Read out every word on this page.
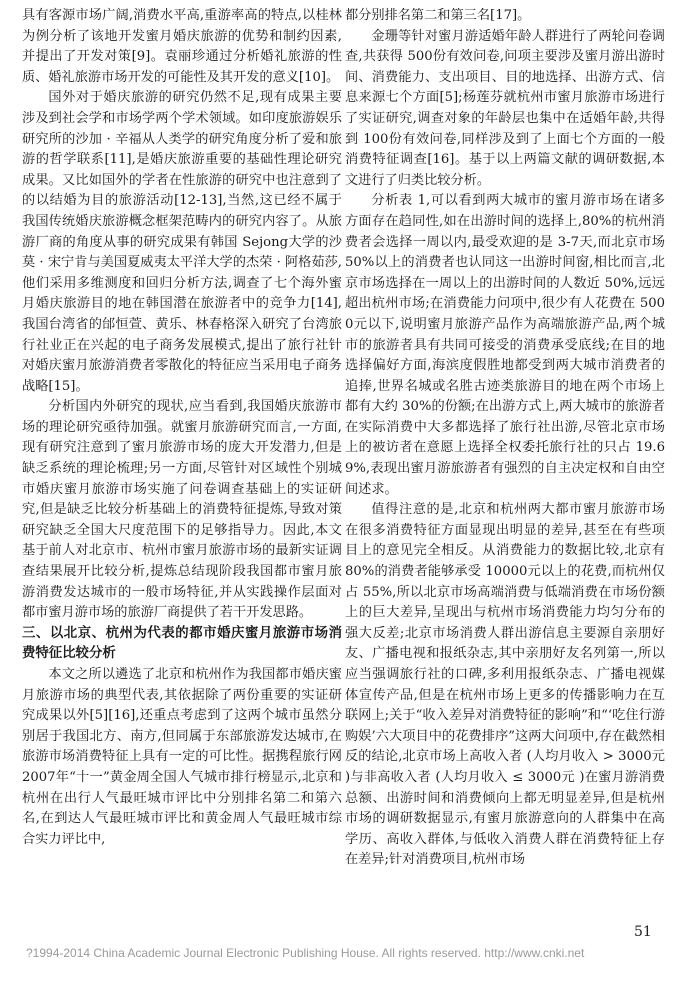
具有客源市场广阔,消费水平高,重游率高的特点,以桂林为例分析了该地开发蜜月婚庆旅游的优势和制约因素,并提出了开发对策[9]。袁丽珍通过分析婚礼旅游的性质、婚礼旅游市场开发的可能性及其开发的意义[10]。

国外对于婚庆旅游的研究仍然不足,现有成果主要涉及到社会学和市场学两个学术领域。如印度旅游娱乐研究所的沙加 · 辛福从人类学的研究角度分析了爱和旅游的哲学联系[11],是婚庆旅游重要的基础性理论研究成果。又比如国外的学者在性旅游的研究中也注意到了的以结婚为目的旅游活动[12-13],当然,这已经不属于我国传统婚庆旅游概念框架范畴内的研究内容了。从旅游厂商的角度从事的研究成果有韩国 Sejong大学的沙莫 · 宋宁肯与美国夏威夷太平洋大学的杰荣 · 阿格茹莎,他们采用多维测度和回归分析方法,调查了七个海外蜜月婚庆旅游目的地在韩国潜在旅游者中的竞争力[14],我国台湾省的邰恒萱、黄乐、林春格深入研究了台湾旅行社业正在兴起的电子商务发展模式,提出了旅行社针对婚庆蜜月旅游消费者零散化的特征应当采用电子商务战略[15]。

分析国内外研究的现状,应当看到,我国婚庆旅游市场的理论研究亟待加强。就蜜月旅游研究而言,一方面,现有研究注意到了蜜月旅游市场的庞大开发潜力,但是缺乏系统的理论梳理;另一方面,尽管针对区域性个别城市婚庆蜜月旅游市场实施了问卷调查基础上的实证研究,但是缺乏比较分析基础上的消费特征提炼,导致对策研究缺乏全国大尺度范围下的足够指导力。因此,本文基于前人对北京市、杭州市蜜月旅游市场的最新实证调查结果展开比较分析,提炼总结现阶段我国都市蜜月旅游消费发达城市的一般市场特征,并从实践操作层面对都市蜜月游市场的旅游厂商提供了若干开发思路。

三、以北京、杭州为代表的都市婚庆蜜月旅游市场消费特征比较分析

本文之所以遴选了北京和杭州作为我国都市婚庆蜜月旅游市场的典型代表,其依据除了两份重要的实证研究成果以外[5][16],还重点考虑到了这两个城市虽然分别居于我国北方、南方,但同属于东部旅游发达城市,在旅游市场消费特征上具有一定的可比性。据携程旅行网 2007年“十一”黄金周全国人气城市排行榜显示,北京和杭州在出行人气最旺城市评比中分别排名第二和第六名,在到达人气最旺城市评比和黄金周人气最旺城市综合实力评比中,

都分别排名第二和第三名[17]。

金珊等针对蜜月游适婚年龄人群进行了两轮问卷调查,共获得 500份有效问卷,问项主要涉及蜜月游出游时间、消费能力、支出项目、目的地选择、出游方式、信息来源七个方面[5];杨莲芬就杭州市蜜月旅游市场进行了实证研究,调查对象的年龄层也集中在适婚年龄,共得到 100份有效问卷,同样涉及到了上面七个方面的一般消费特征调查[16]。基于以上两篇文献的调研数据,本文进行了归类比较分析。

分析表 1,可以看到两大城市的蜜月游市场在诸多方面存在趋同性,如在出游时间的选择上,80%的杭州消费者会选择一周以内,最受欢迎的是 3-7天,而北京市场 50%以上的消费者也认同这一出游时间窗,相比而言,北京市场选择在一周以上的出游时间的人数近 50%,远远超出杭州市场;在消费能力问项中,很少有人花费在 5000元以下,说明蜜月旅游产品作为高端旅游产品,两个城市的旅游者具有共同可接受的消费承受底线;在目的地选择偏好方面,海滨度假胜地都受到两大城市消费者的追捧,世界名城或名胜古迹类旅游目的地在两个市场上都有大约 30%的份额;在出游方式上,两大城市的旅游者在实际消费中大多都选择了旅行社出游,尽管北京市场上的被访者在意愿上选择全权委托旅行社的只占 19.69%,表现出蜜月游旅游者有强烈的自主决定权和自由空间述求。

值得注意的是,北京和杭州两大都市蜜月旅游市场在很多消费特征方面显现出明显的差异,甚至在有些项目上的意见完全相反。从消费能力的数据比较,北京有 80%的消费者能够承受 10000元以上的花费,而杭州仅占 55%,所以北京市场高端消费与低端消费在市场份额上的巨大差异,呈现出与杭州市场消费能力均匀分布的强大反差;北京市场消费人群出游信息主要源自亲朋好友、广播电视和报纸杂志,其中亲朋好友名列第一,所以应当强调旅行社的口碑,多利用报纸杂志、广播电视媒体宣传产品,但是在杭州市场上更多的传播影响力在互联网上;关于“收入差异对消费特征的影响”和“‘吃住行游购娱’六大项目中的花费排序”这两大问项中,存在截然相反的结论,北京市场上高收入者 (人均月收入 > 3000元 )与非高收入者 (人均月收入 ≤ 3000元 )在蜜月游消费总额、出游时间和消费倾向上都无明显差异,但是杭州市场的调研数据显示,有蜜月旅游意向的人群集中在高学历、高收入群体,与低收入消费人群在消费特征上存在差异;针对消费项目,杭州市场

51
?1994-2014 China Academic Journal Electronic Publishing House. All rights reserved. http://www.cnki.net
